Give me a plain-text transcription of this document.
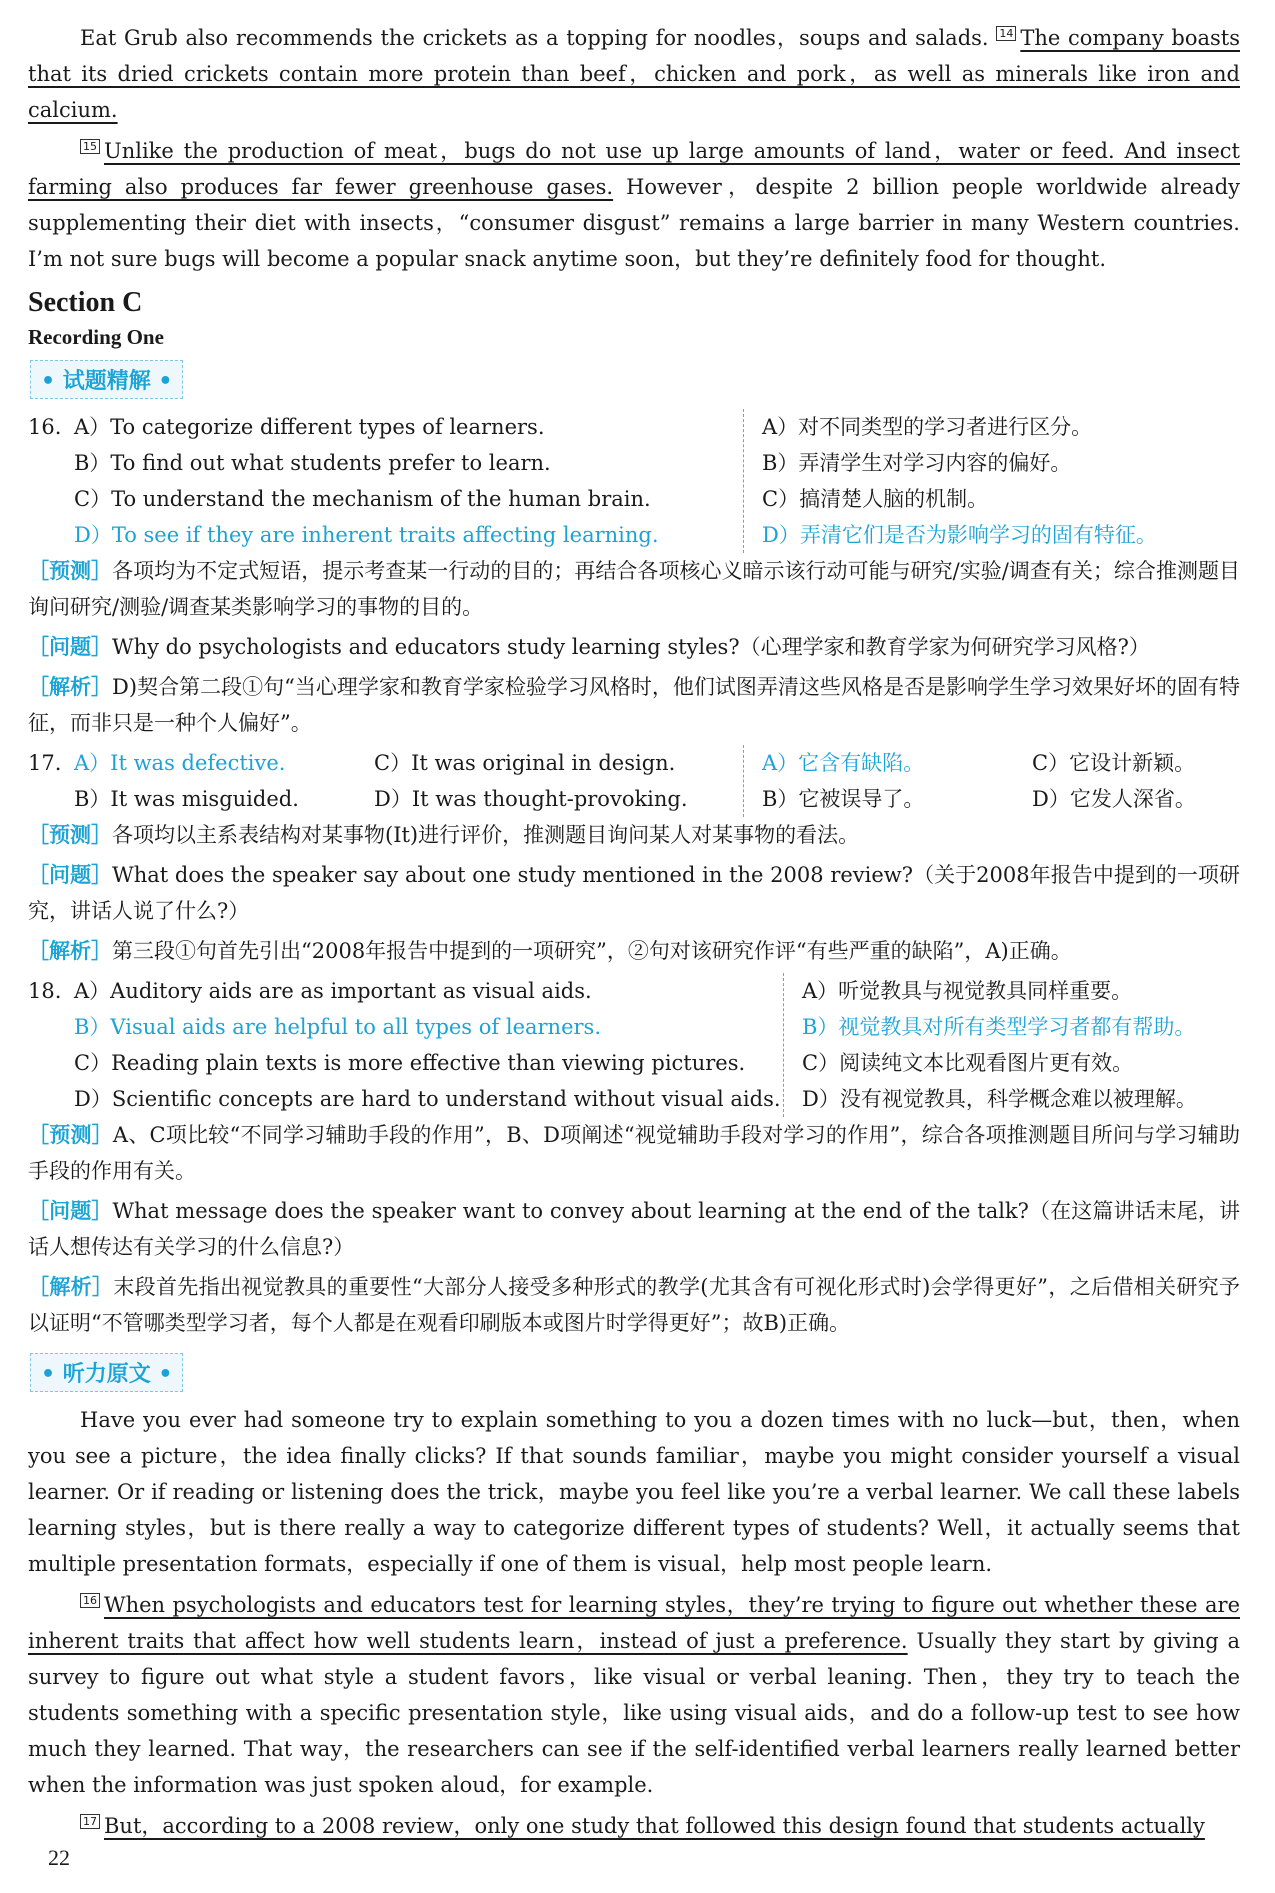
Eat Grub also recommends the crickets as a topping for noodles，soups and salads. 14 The company boasts that its dried crickets contain more protein than beef，chicken and pork，as well as minerals like iron and calcium.

15 Unlike the production of meat，bugs do not use up large amounts of land，water or feed. And insect farming also produces far fewer greenhouse gases. However，despite 2 billion people worldwide already supplementing their diet with insects，“consumer disgust” remains a large barrier in many Western countries. I’m not sure bugs will become a popular snack anytime soon，but they’re definitely food for thought.

Section C
Recording One
• 试题精解 •
16. A）To categorize different types of learners.
B）To find out what students prefer to learn.
C）To understand the mechanism of the human brain.
D）To see if they are inherent traits affecting learning.
A）对不同类型的学习者进行区分。
B）弄清学生对学习内容的偏好。
C）搞清楚人脑的机制。
D）弄清它们是否为影响学习的固有特征。

［预测］各项均为不定式短语，提示考查某一行动的目的；再结合各项核心义暗示该行动可能与研究/实验/调查有关；综合推测题目询问研究/测验/调查某类影响学习的事物的目的。

［问题］Why do psychologists and educators study learning styles?（心理学家和教育学家为何研究学习风格?）

［解析］D)契合第二段①句“当心理学家和教育学家检验学习风格时，他们试图弄清这些风格是否是影响学生学习效果好坏的固有特征，而非只是一种个人偏好”。

17. A）It was defective.	C）It was original in design.
B）It was misguided.	D）It was thought-provoking.
A）它含有缺陷。	C）它设计新颖。

B）它被误导了。	D）它发人深省。

［预测］各项均以主系表结构对某事物(It)进行评价，推测题目询问某人对某事物的看法。

［问题］What does the speaker say about one study mentioned in the 2008 review?（关于2008年报告中提到的一项研究，讲话人说了什么?）

［解析］第三段①句首先引出“2008年报告中提到的一项研究”，②句对该研究作评“有些严重的缺陷”，A)正确。

18. A）Auditory aids are as important as visual aids.
B）Visual aids are helpful to all types of learners.
C）Reading plain texts is more effective than viewing pictures.
D）Scientific concepts are hard to understand without visual aids.
A）听觉教具与视觉教具同样重要。
B）视觉教具对所有类型学习者都有帮助。
C）阅读纯文本比观看图片更有效。
D）没有视觉教具，科学概念难以被理解。

［预测］A、C项比较“不同学习辅助手段的作用”，B、D项阐述“视觉辅助手段对学习的作用”，综合各项推测题目所问与学习辅助手段的作用有关。

［问题］What message does the speaker want to convey about learning at the end of the talk?（在这篇讲话末尾，讲话人想传达有关学习的什么信息?）

［解析］末段首先指出视觉教具的重要性“大部分人接受多种形式的教学(尤其含有可视化形式时)会学得更好”，之后借相关研究予以证明“不管哪类型学习者，每个人都是在观看印刷版本或图片时学得更好”；故B)正确。

• 听力原文 •

Have you ever had someone try to explain something to you a dozen times with no luck—but，then，when you see a picture，the idea finally clicks? If that sounds familiar，maybe you might consider yourself a visual learner. Or if reading or listening does the trick，maybe you feel like you’re a verbal learner. We call these labels learning styles，but is there really a way to categorize different types of students? Well，it actually seems that multiple presentation formats，especially if one of them is visual，help most people learn.

16 When psychologists and educators test for learning styles，they’re trying to figure out whether these are inherent traits that affect how well students learn，instead of just a preference. Usually they start by giving a survey to figure out what style a student favors，like visual or verbal leaning. Then，they try to teach the students something with a specific presentation style，like using visual aids，and do a follow-up test to see how much they learned. That way，the researchers can see if the self-identified verbal learners really learned better when the information was just spoken aloud，for example.

17 But，according to a 2008 review，only one study that followed this design found that students actually

22
